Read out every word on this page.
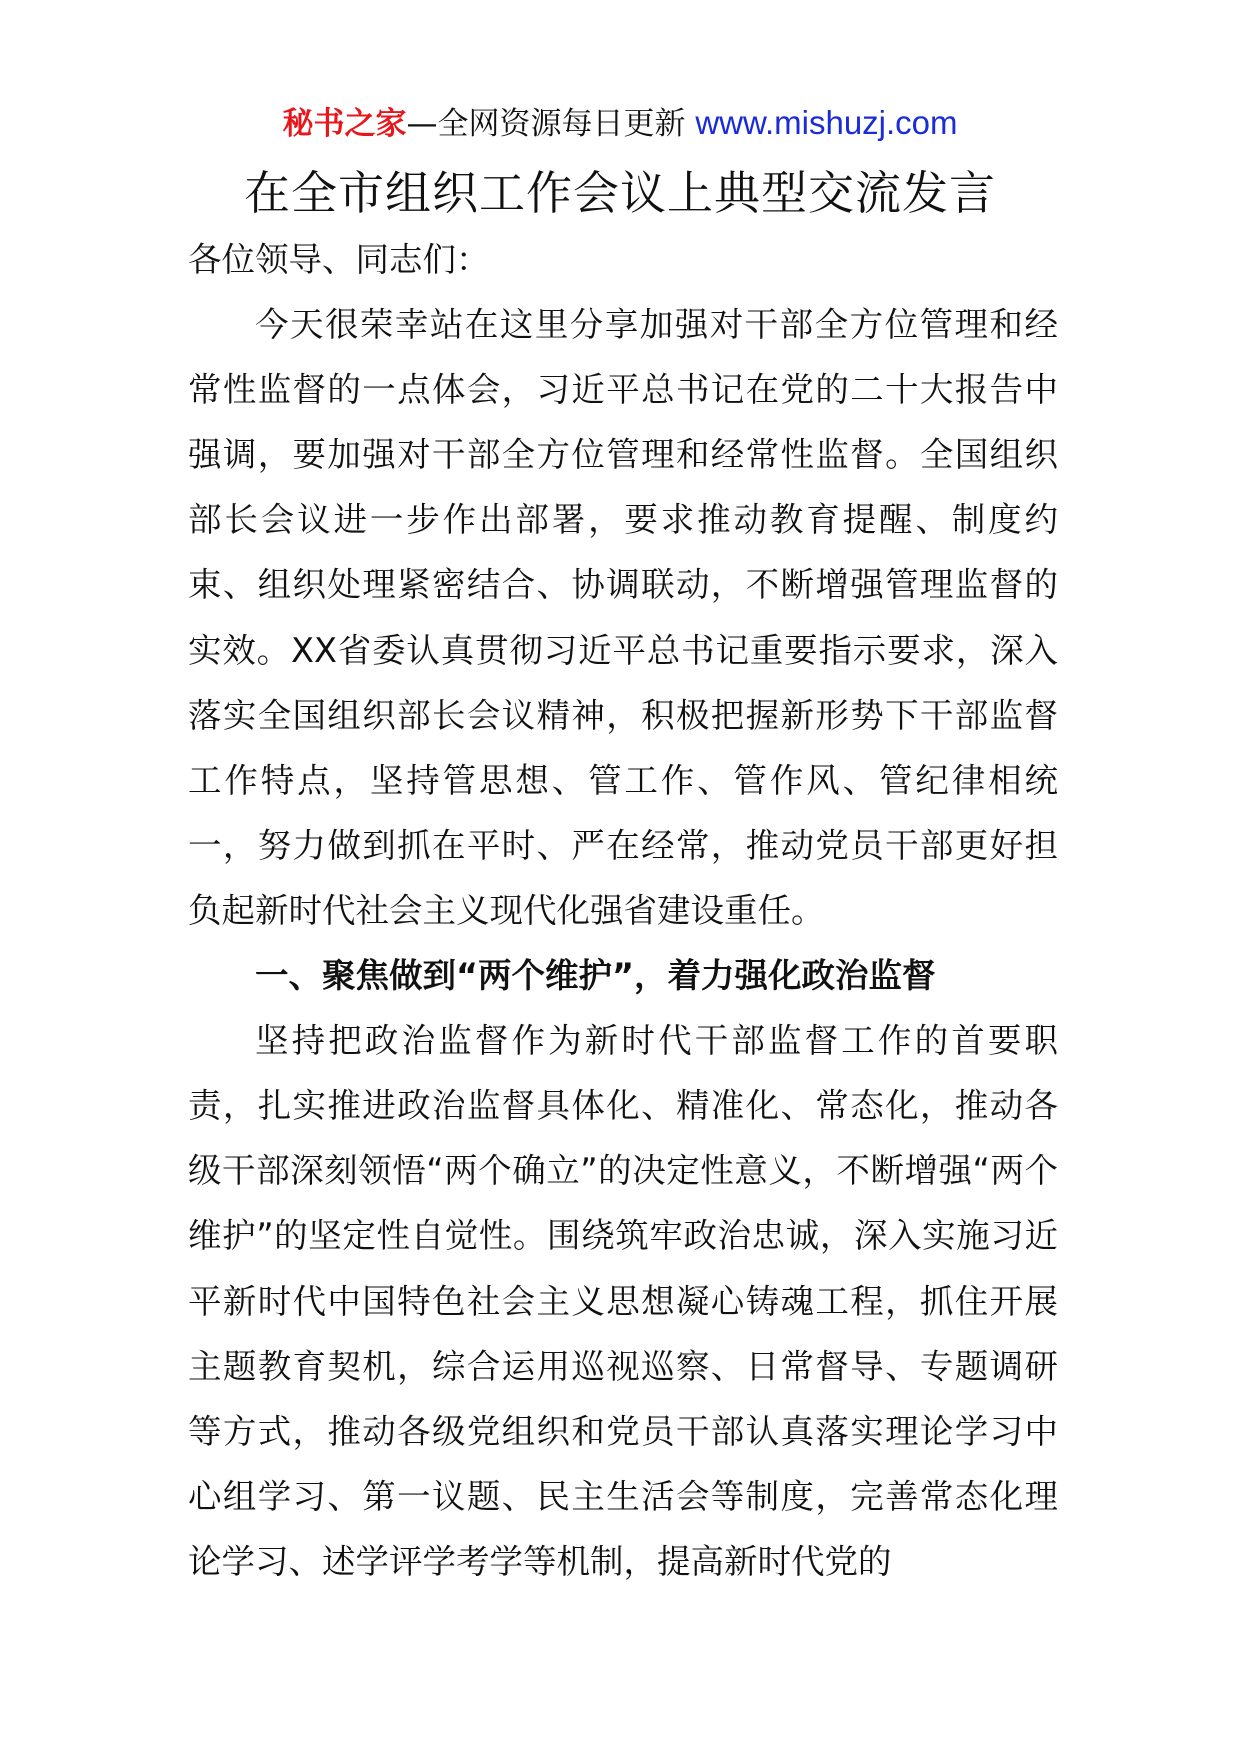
秘书之家—全网资源每日更新 www.mishuzj.com
在全市组织工作会议上典型交流发言

各位领导、同志们：

今天很荣幸站在这里分享加强对干部全方位管理和经常性监督的一点体会，习近平总书记在党的二十大报告中强调，要加强对干部全方位管理和经常性监督。全国组织部长会议进一步作出部署，要求推动教育提醒、制度约束、组织处理紧密结合、协调联动，不断增强管理监督的实效。XX省委认真贯彻习近平总书记重要指示要求，深入落实全国组织部长会议精神，积极把握新形势下干部监督工作特点，坚持管思想、管工作、管作风、管纪律相统一，努力做到抓在平时、严在经常，推动党员干部更好担负起新时代社会主义现代化强省建设重任。

一、聚焦做到“两个维护”，着力强化政治监督

坚持把政治监督作为新时代干部监督工作的首要职责，扎实推进政治监督具体化、精准化、常态化，推动各级干部深刻领悟“两个确立”的决定性意义，不断增强“两个维护”的坚定性自觉性。围绕筑牢政治忠诚，深入实施习近平新时代中国特色社会主义思想凝心铸魂工程，抓住开展主题教育契机，综合运用巡视巡察、日常督导、专题调研等方式，推动各级党组织和党员干部认真落实理论学习中心组学习、第一议题、民主生活会等制度，完善常态化理论学习、述学评学考学等机制，提高新时代党的
